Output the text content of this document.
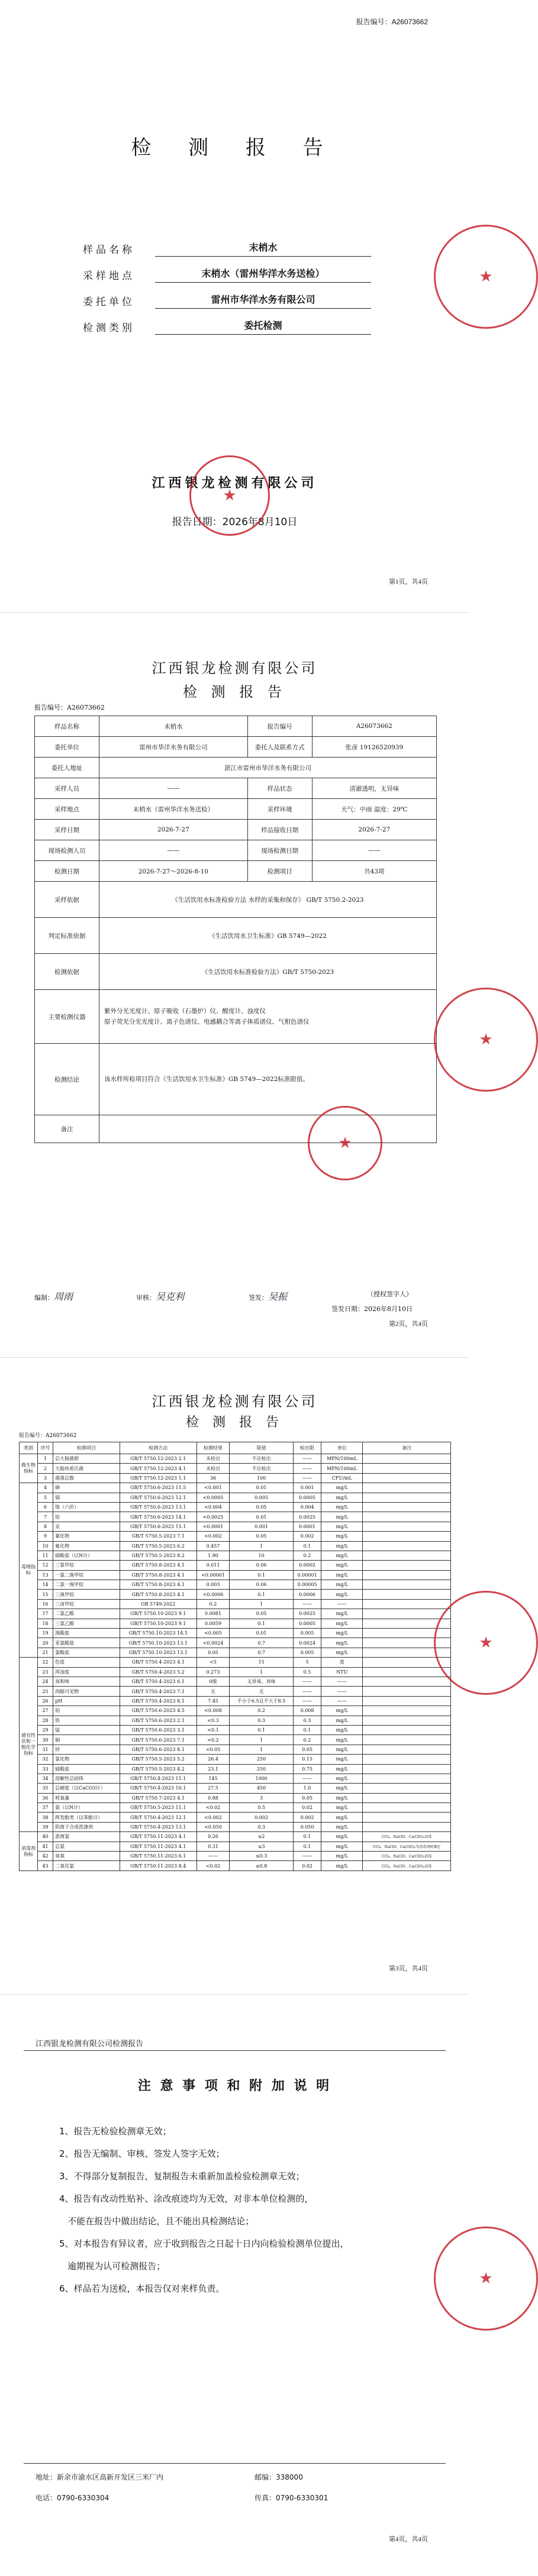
报告编号：A26073662
检 测 报 告
样品名称	末梢水
采样地点	末梢水（雷州华洋水务送检）
委托单位	雷州市华洋水务有限公司
检测类别	委托检测
★
江西银龙检测有限公司
报告日期：2026年8月10日
★
第1页，共4页
江西银龙检测有限公司
检 测 报 告
报告编号：A26073662
样品名称	末梢水	报告编号	A26073662
委托单位	雷州市华洋水务有限公司	委托人及联系方式	张彦 19126520939
委托人地址	湛江市雷州市华洋水务有限公司		
采样人员	——	样品状态	清澈透明，无异味
采样地点	末梢水（雷州华洋水务送检）	采样环境	天气：中雨 温度：29℃
采样日期	2026-7-27	样品接收日期	2026-7-27
现场检测人员	——	现场检测日期	——
检测日期	2026-7-27～2026-8-10	检测项目	共43项
采样依据	《生活饮用水标准检验方法 水样的采集和保存》 GB/T 5750.2-2023		
判定标准依据	《生活饮用水卫生标准》GB 5749—2022		
检测依据	《生活饮用水标准检验方法》GB/T 5750-2023		
主要检测仪器	紫外分光光度计、原子吸收（石墨炉）仪、酸度计、浊度仪
原子荧光分光光度计、离子色谱仪、电感耦合等离子体质谱仪、气相色谱仪		
检测结论	该水样所检项目符合《生活饮用水卫生标准》GB 5749—2022标准限值。		
备注			
★
★
编制：周雨	审核：吴克利	签发：吴振	（授权签字人）
签发日期：2026年8月10日
第2页，共4页
江西银龙检测有限公司
检 测 报 告
报告编号：A26073662
类别	序号	检测项目	检测方法	检测结果	限值	检出限	单位	备注
微生物指标	1	总大肠菌群	GB/T 5750.12-2023 2.1	未检出	不应检出	——	MPN/100mL	
	2	大肠埃希氏菌	GB/T 5750.12-2023 4.1	未检出	不应检出	——	MPN/100mL	
	3	菌落总数	GB/T 5750.12-2023 1.1	36	100	——	CFU/mL	
毒理指标	4	砷	GB/T 5750.6-2023 11.5	<0.001	0.01	0.001	mg/L	
	5	镉	GB/T 5750.6-2023 12.1	<0.0005	0.005	0.0005	mg/L	
	6	铬（六价）	GB/T 5750.6-2023 13.1	<0.004	0.05	0.004	mg/L	
	7	铅	GB/T 5750.6-2023 14.1	<0.0025	0.01	0.0025	mg/L	
	8	汞	GB/T 5750.6-2023 15.1	<0.0001	0.001	0.0001	mg/L	
	9	氰化物	GB/T 5750.5-2023 7.1	<0.002	0.05	0.002	mg/L	
	10	氟化物	GB/T 5750.5-2023 6.2	0.457	1	0.1	mg/L	
	11	硝酸盐（以N计）	GB/T 5750.5-2023 8.2	1.90	10	0.2	mg/L	
	12	三氯甲烷	GB/T 5750.8-2023 4.1	0.011	0.06	0.0002	mg/L	
	13	一氯二溴甲烷	GB/T 5750.8-2023 4.1	<0.00001	0.1	0.00001	mg/L	
	14	二氯一溴甲烷	GB/T 5750.8-2023 4.1	0.003	0.06	0.00005	mg/L	
	15	三溴甲烷	GB/T 5750.8-2023 4.1	<0.0006	0.1	0.0006	mg/L	
	16	三卤甲烷	GB 5749-2022	0.2	1	——	——	
	17	二氯乙酸	GB/T 5750.10-2023 9.1	0.0081	0.05	0.0025	mg/L	
	18	三氯乙酸	GB/T 5750.10-2023 9.1	0.0059	0.1	0.0005	mg/L	
	19	溴酸盐	GB/T 5750.10-2023 14.1	<0.005	0.01	0.005	mg/L	
	20	亚氯酸盐	GB/T 5750.10-2023 13.1	<0.0024	0.7	0.0024	mg/L	
	21	氯酸盐	GB/T 5750.10-2023 13.1	0.05	0.7	0.005	mg/L	
感官性状和一般化学指标	22	色度	GB/T 5750.4-2023 4.1	<5	15	5	度	
	23	浑浊度	GB/T 5750.4-2023 5.2	0.273	1	0.5	NTU	
	24	臭和味	GB/T 5750.4-2023 6.1	0级	无异臭、异味	——	——	
	25	肉眼可见物	GB/T 5750.4-2023 7.1	无	无	——	——	
	26	pH	GB/T 5750.4-2023 8.1	7.45	不小于6.5且不大于8.5	——	——	
	27	铝	GB/T 5750.6-2023 4.5	<0.008	0.2	0.008	mg/L	
	28	铁	GB/T 5750.6-2023 2.1	<0.3	0.3	0.3	mg/L	
	29	锰	GB/T 5750.6-2023 3.1	<0.1	0.1	0.1	mg/L	
	30	铜	GB/T 5750.6-2023 7.1	<0.2	1	0.2	mg/L	
	31	锌	GB/T 5750.6-2023 8.1	<0.05	1	0.05	mg/L	
	32	氯化物	GB/T 5750.5-2023 5.2	26.4	250	0.15	mg/L	
	33	硫酸盐	GB/T 5750.5-2023 4.2	23.1	250	0.75	mg/L	
	34	溶解性总固体	GB/T 5750.4-2023 11.1	145	1000	——	mg/L	
	35	总硬度（以CaCO3计）	GB/T 5750.4-2023 10.1	27.5	450	1.0	mg/L	
	36	耗氧量	GB/T 5750.7-2023 4.1	0.88	3	0.05	mg/L	
	37	氨（以N计）	GB/T 5750.5-2023 11.1	<0.02	0.5	0.02	mg/L	
	38	挥发酚类（以苯酚计）	GB/T 5750.4-2023 12.1	<0.002	0.002	0.002	mg/L	
	39	阴离子合成洗涤剂	GB/T 5750.4-2023 13.1	<0.050	0.3	0.050	mg/L	
消毒剂指标	40	游离氯	GB/T 5750.11-2023 4.1	0.26	≤2	0.1	mg/L	CCl₄、NaClO、Ca(ClO)₂消毒
	41	总氯	GB/T 5750.11-2023 4.1	0.31	≤3	0.1	mg/L	CCl₄、NaClO、Ca(ClO)₂等消毒剂时测定
	42	臭氧	GB/T 5750.11-2023 6.1	——	≤0.3	——	mg/L	CCl₄、NaClO、Ca(ClO)₂消毒
	43	二氧化氯	GB/T 5750.11-2023 8.4	<0.02	≤0.8	0.02	mg/L	CCl₄、NaClO、Ca(ClO)₂消毒
★
第3页，共4页
江西银龙检测有限公司检测报告
注 意 事 项 和 附 加 说 明
1、报告无检验检测章无效；
2、报告无编制、审核、签发人签字无效；
3、不得部分复制报告，复制报告未重新加盖检验检测章无效；
4、报告有改动性贴补、涂改痕迹均为无效，对非本单位检测的，
不能在报告中做出结论，且不能出具检测结论；
5、对本报告有异议者，应于收到报告之日起十日内向检验检测单位提出，
逾期视为认可检测报告；
6、样品若为送检，本报告仅对来样负责。
地址：新余市渝水区高新开发区三米厂内	邮编：338000
电话：0790-6330304	传真：0790-6330301
★
第4页，共4页
